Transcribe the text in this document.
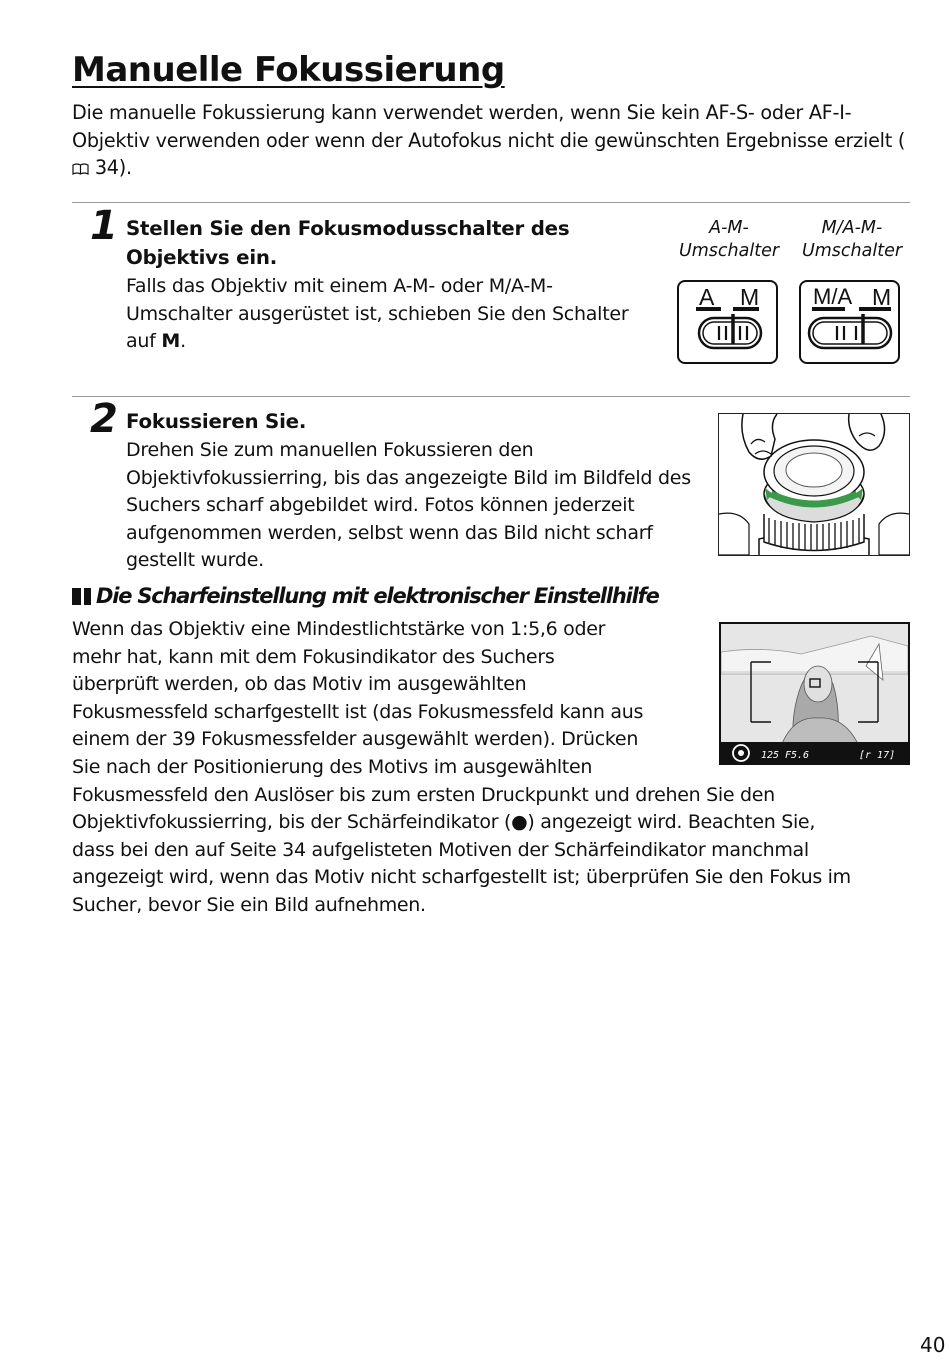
Manuelle Fokussierung
Die manuelle Fokussierung kann verwendet werden, wenn Sie kein AF-S- oder AF-I-Objektiv verwenden oder wenn der Autofokus nicht die gewünschten Ergebnisse erzielt ( 34).
1 Stellen Sie den Fokusmodusschalter des Objektivs ein.
Falls das Objektiv mit einem A-M- oder M/A-M-Umschalter ausgerüstet ist, schieben Sie den Schalter auf M.
A-M-
Umschalter
M/A-M-
Umschalter
A M M/A M
2 Fokussieren Sie.
Drehen Sie zum manuellen Fokussieren den Objektivfokussierring, bis das angezeigte Bild im Bildfeld des Suchers scharf abgebildet wird. Fotos können jederzeit aufgenommen werden, selbst wenn das Bild nicht scharf gestellt wurde.
Die Scharfeinstellung mit elektronischer Einstellhilfe
Wenn das Objektiv eine Mindestlichtstärke von 1:5,6 oder mehr hat, kann mit dem Fokusindikator des Suchers überprüft werden, ob das Motiv im ausgewählten Fokusmessfeld scharfgestellt ist (das Fokusmessfeld kann aus einem der 39 Fokusmessfelder ausgewählt werden). Drücken Sie nach der Positionierung des Motivs im ausgewählten Fokusmessfeld den Auslöser bis zum ersten Druckpunkt und drehen Sie den Objektivfokussierring, bis der Schärfeindikator (●) angezeigt wird. Beachten Sie, dass bei den auf Seite 34 aufgelisteten Motiven der Schärfeindikator manchmal angezeigt wird, wenn das Motiv nicht scharfgestellt ist; überprüfen Sie den Fokus im Sucher, bevor Sie ein Bild aufnehmen.
125 F5.6	[r 17]
40
